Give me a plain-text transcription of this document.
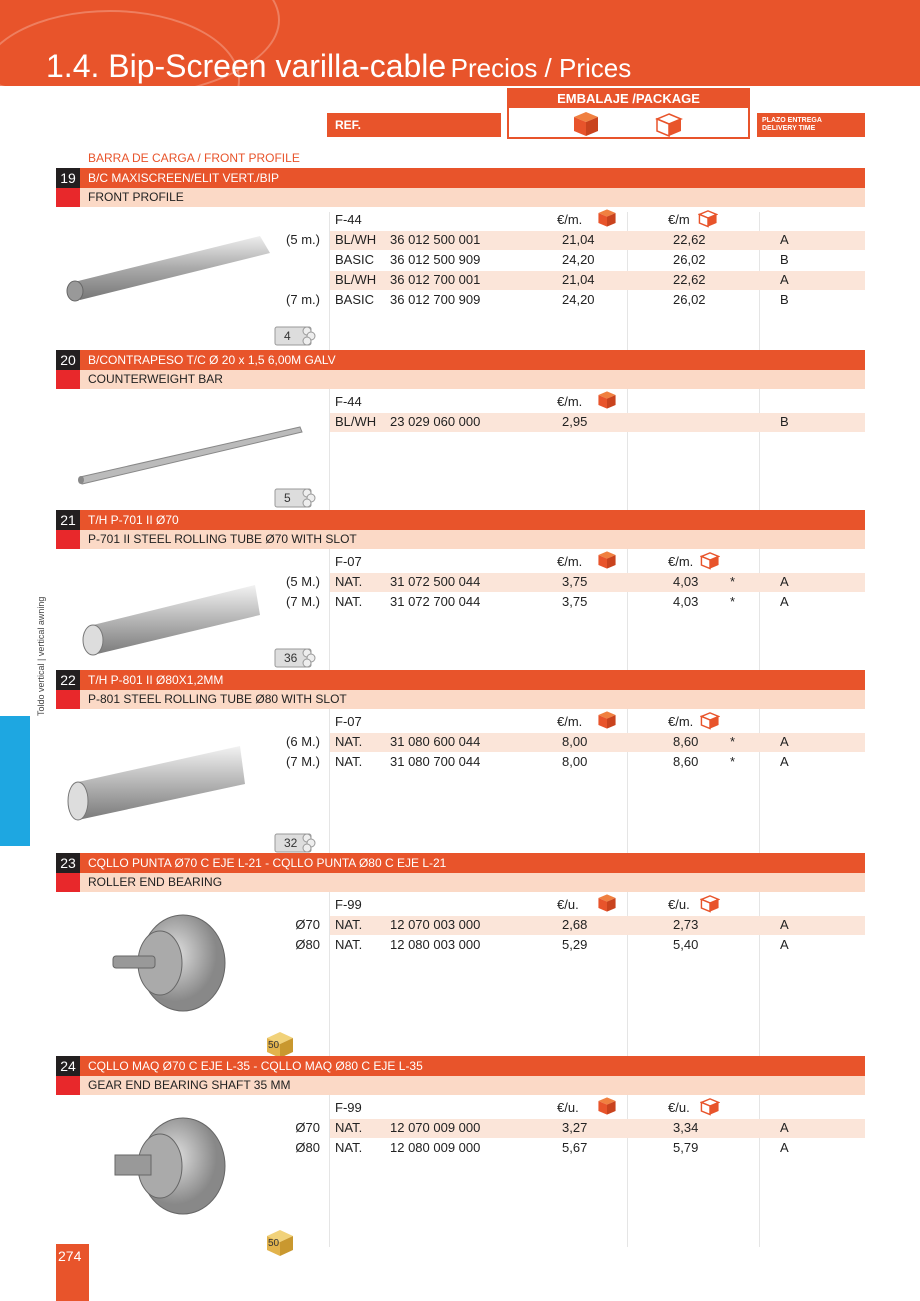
1.4. Bip-Screen varilla-cable Precios / Prices
REF.
EMBALAJE /PACKAGE
PLAZO ENTREGA
DELIVERY TIME
BARRA DE CARGA / FRONT PROFILE
19	B/C MAXISCREEN/ELIT VERT./BIP
FRONT PROFILE
F-44	€/m.	€/m
(5 m.) BL/WH 36 012 500 001	21,04	22,62	A
BASIC 36 012 500 909	24,20	26,02	B
BL/WH 36 012 700 001	21,04	22,62	A
(7 m.) BASIC 36 012 700 909	24,20	26,02	B
4
20	B/CONTRAPESO T/C Ø 20 x 1,5 6,00M GALV
COUNTERWEIGHT BAR
F-44	€/m.
BL/WH 23 029 060 000	2,95	B
5
21	T/H P-701 II Ø70
P-701 II STEEL ROLLING TUBE Ø70 WITH SLOT
F-07	€/m.	€/m.
(5 M.) NAT. 31 072 500 044	3,75	4,03 *	A
(7 M.) NAT. 31 072 700 044	3,75	4,03 *	A
36
22	T/H P-801 II Ø80X1,2MM
P-801 STEEL ROLLING TUBE Ø80 WITH SLOT
F-07	€/m.	€/m.
(6 M.) NAT. 31 080 600 044	8,00	8,60 *	A
(7 M.) NAT. 31 080 700 044	8,00	8,60 *	A
32
23	CQLLO PUNTA Ø70 C EJE L-21 - CQLLO PUNTA Ø80 C EJE L-21
ROLLER END BEARING
F-99	€/u.	€/u.
Ø70 NAT. 12 070 003 000	2,68	2,73	A
Ø80 NAT. 12 080 003 000	5,29	5,40	A
50
24	CQLLO MAQ Ø70 C EJE L-35 - CQLLO MAQ Ø80 C EJE L-35
GEAR END BEARING SHAFT 35 MM
F-99	€/u.	€/u.
Ø70 NAT. 12 070 009 000	3,27	3,34	A
Ø80 NAT. 12 080 009 000	5,67	5,79	A
50
Toldo vertical | vertical awning
274
